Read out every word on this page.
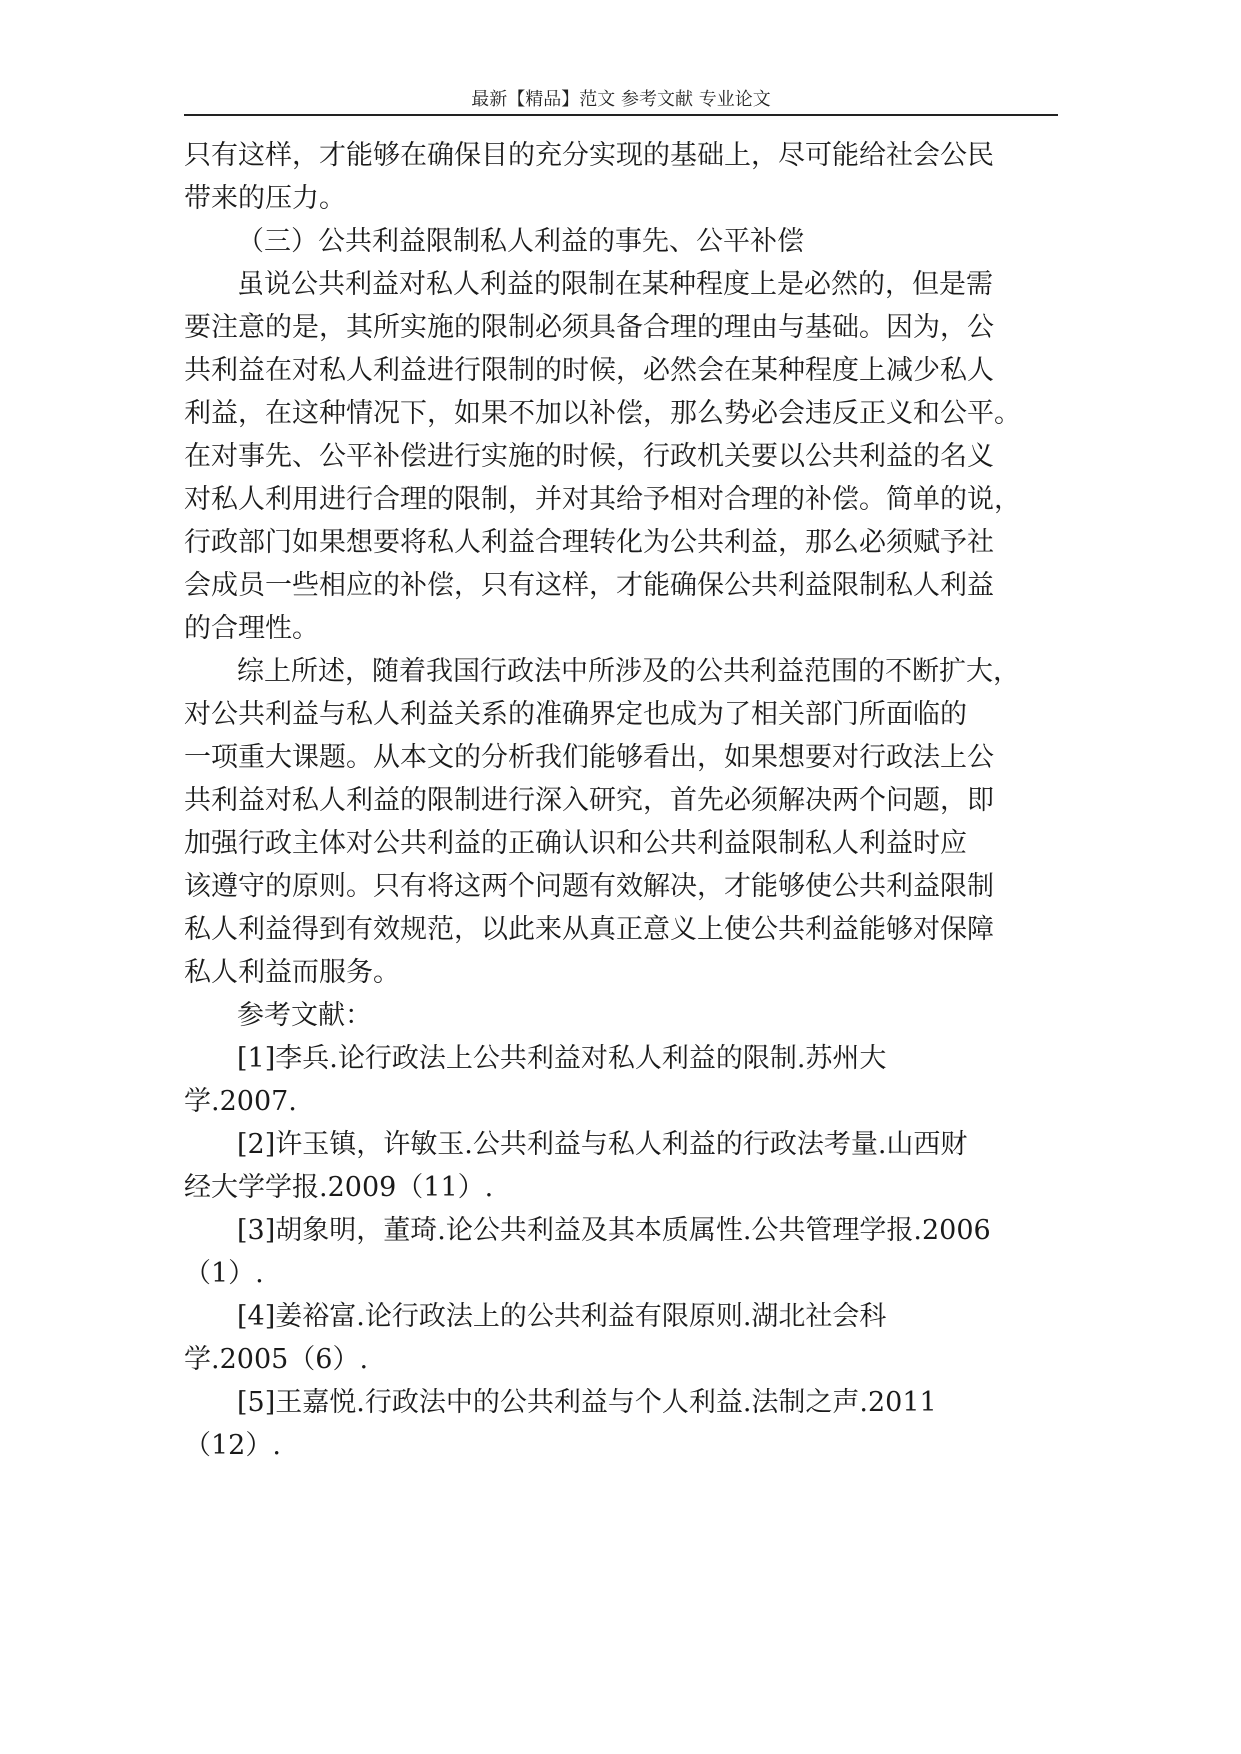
最新【精品】范文 参考文献 专业论文
只有这样，才能够在确保目的充分实现的基础上，尽可能给社会公民
带来的压力。
（三）公共利益限制私人利益的事先、公平补偿
虽说公共利益对私人利益的限制在某种程度上是必然的，但是需
要注意的是，其所实施的限制必须具备合理的理由与基础。因为，公
共利益在对私人利益进行限制的时候，必然会在某种程度上减少私人
利益，在这种情况下，如果不加以补偿，那么势必会违反正义和公平。
在对事先、公平补偿进行实施的时候，行政机关要以公共利益的名义
对私人利用进行合理的限制，并对其给予相对合理的补偿。简单的说，
行政部门如果想要将私人利益合理转化为公共利益，那么必须赋予社
会成员一些相应的补偿，只有这样，才能确保公共利益限制私人利益
的合理性。
综上所述，随着我国行政法中所涉及的公共利益范围的不断扩大，
对公共利益与私人利益关系的准确界定也成为了相关部门所面临的
一项重大课题。从本文的分析我们能够看出，如果想要对行政法上公
共利益对私人利益的限制进行深入研究，首先必须解决两个问题，即
加强行政主体对公共利益的正确认识和公共利益限制私人利益时应
该遵守的原则。只有将这两个问题有效解决，才能够使公共利益限制
私人利益得到有效规范，以此来从真正意义上使公共利益能够对保障
私人利益而服务。
参考文献：
[1]李兵.论行政法上公共利益对私人利益的限制.苏州大
学.2007.
[2]许玉镇，许敏玉.公共利益与私人利益的行政法考量.山西财
经大学学报.2009（11）.
[3]胡象明，董琦.论公共利益及其本质属性.公共管理学报.2006
（1）.
[4]姜裕富.论行政法上的公共利益有限原则.湖北社会科
学.2005（6）.
[5]王嘉悦.行政法中的公共利益与个人利益.法制之声.2011
（12）.
